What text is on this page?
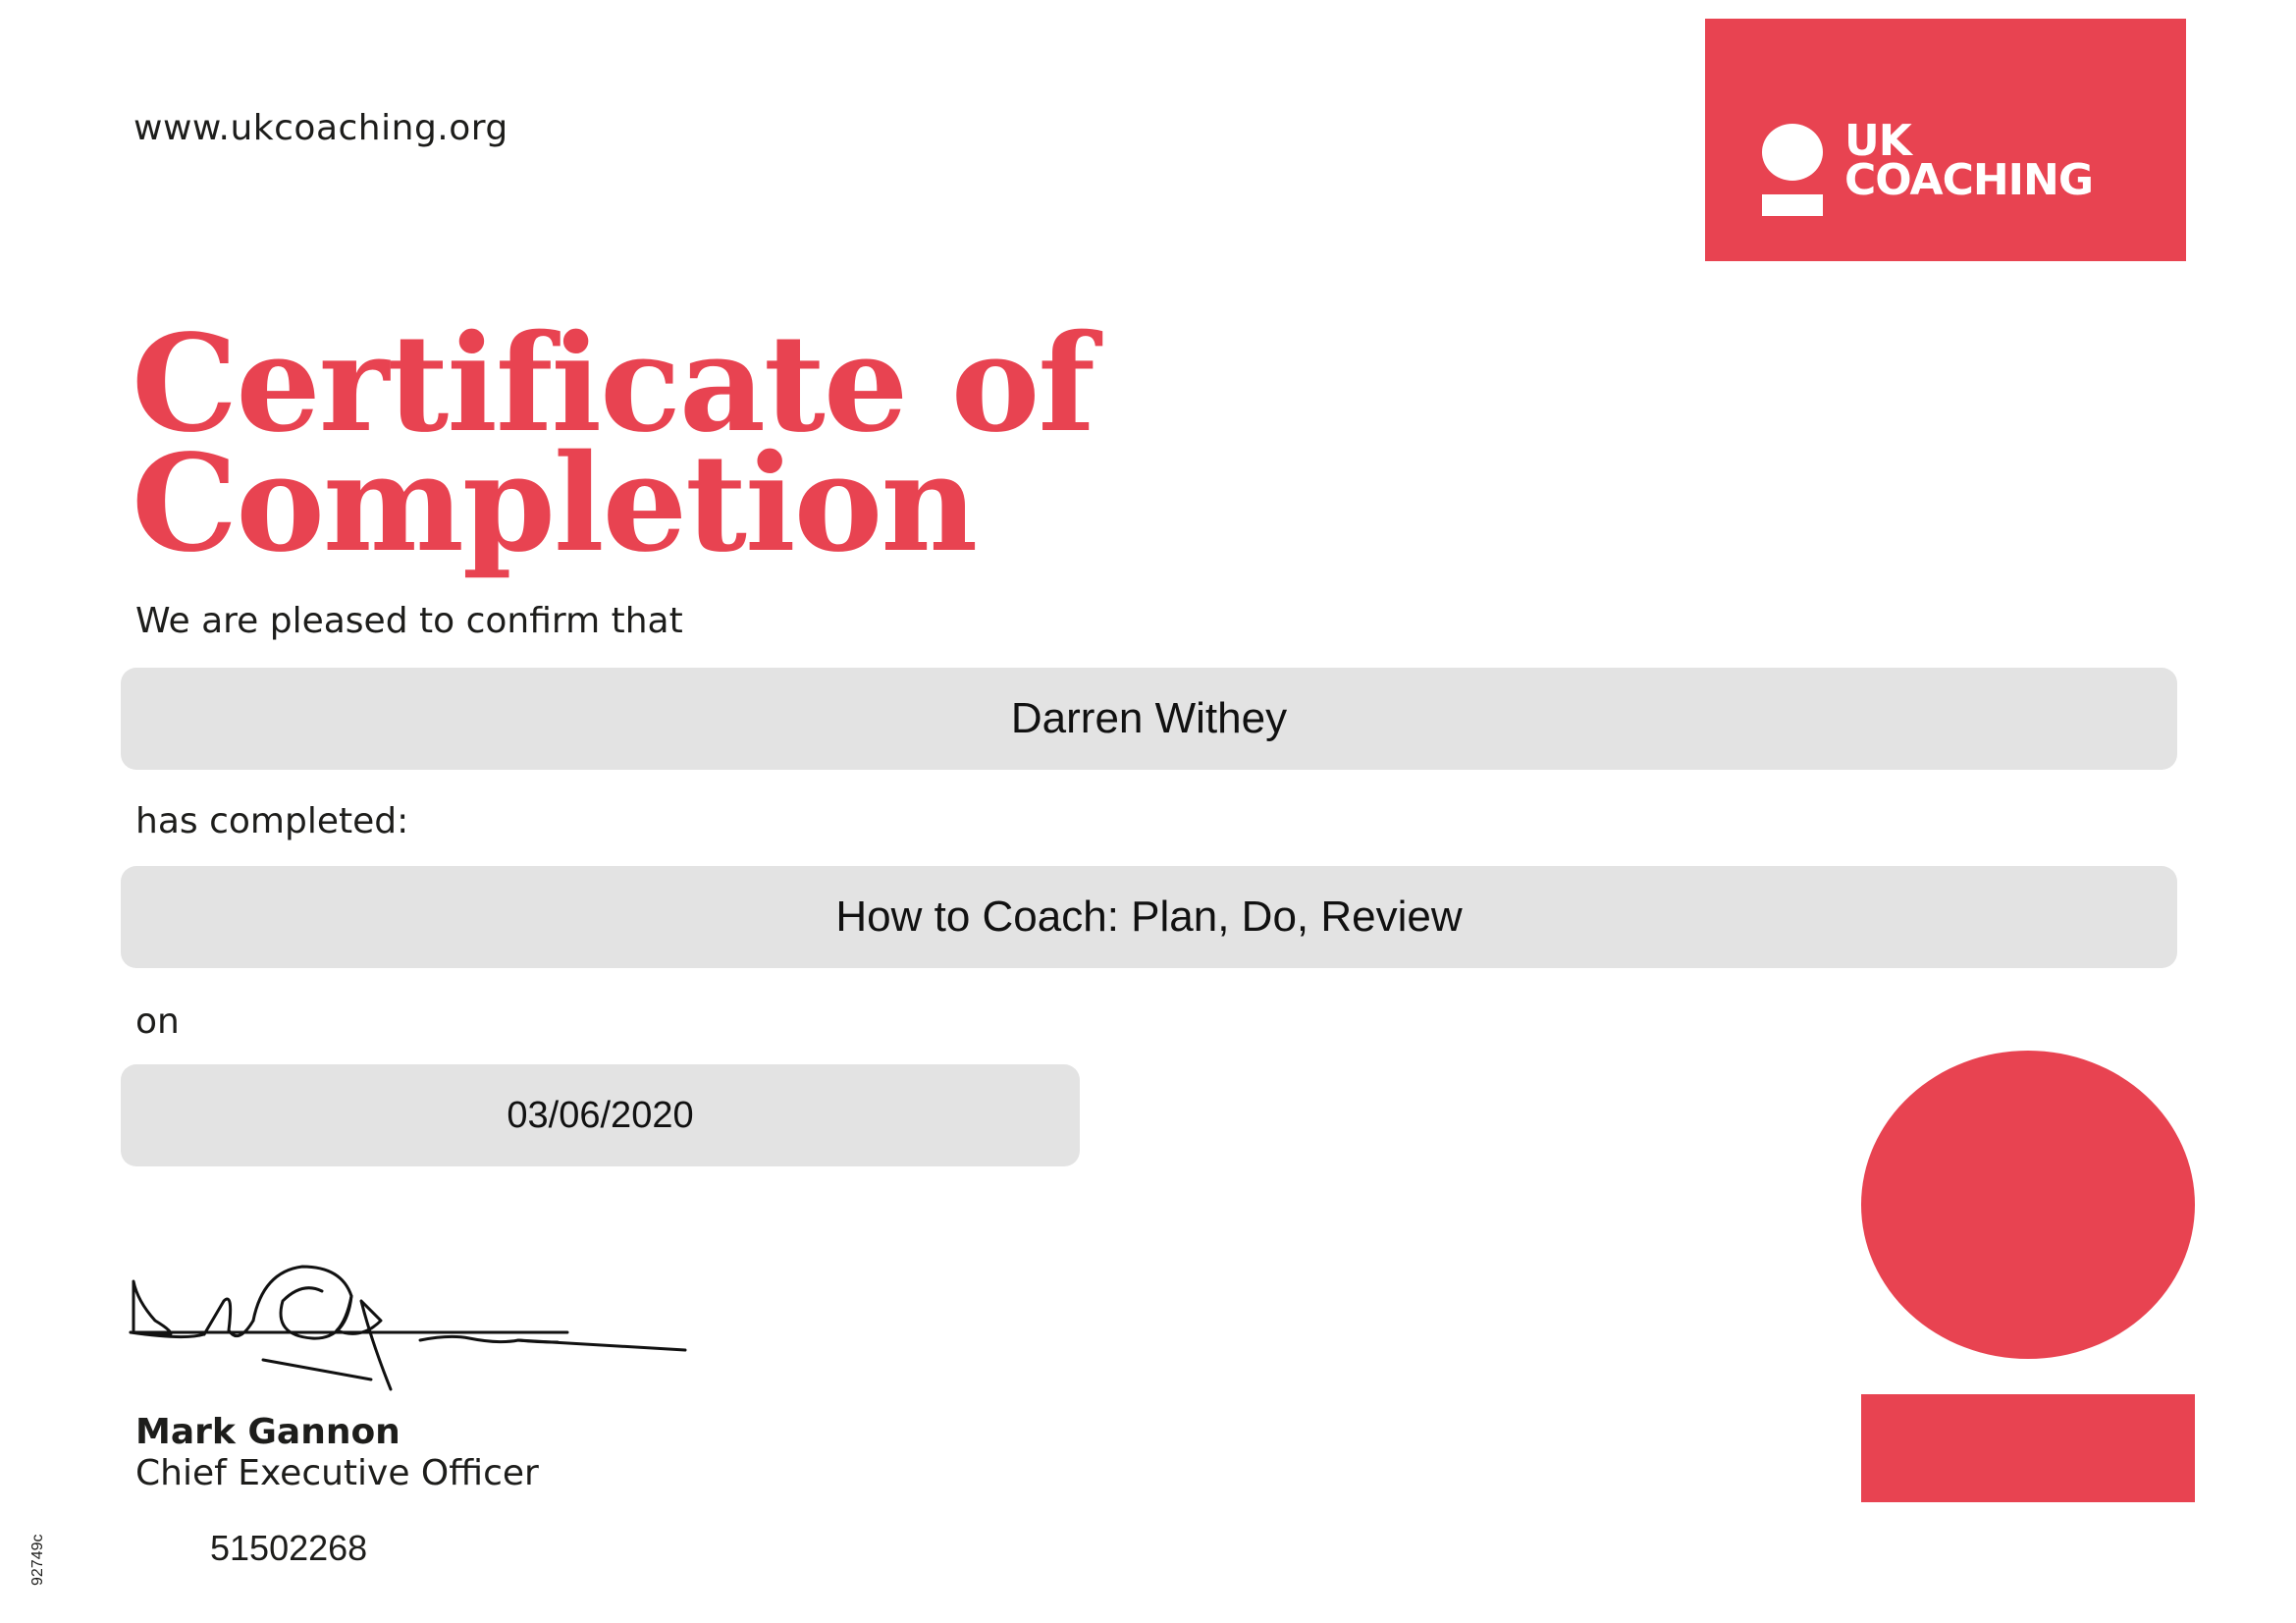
www.ukcoaching.org	UK
COACHING
Certificate of
Completion
We are pleased to confirm that
Darren Withey
has completed:
How to Coach: Plan, Do, Review
on
03/06/2020
Mark Gannon
Chief Executive Officer
51502268
92749c
